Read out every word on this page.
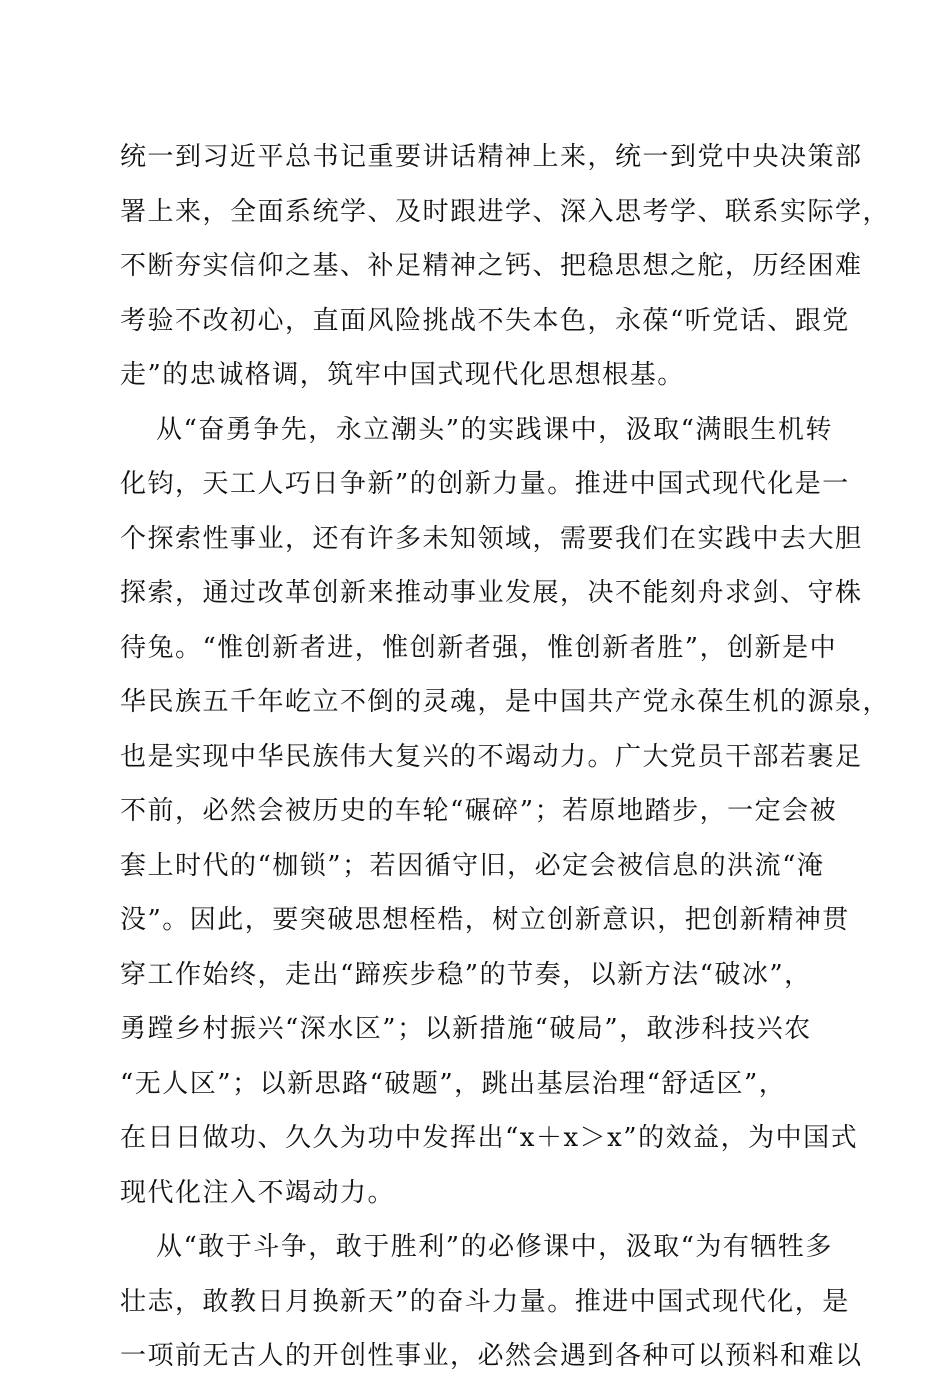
统一到习近平总书记重要讲话精神上来，统一到党中央决策部
署上来，全面系统学、及时跟进学、深入思考学、联系实际学，
不断夯实信仰之基、补足精神之钙、把稳思想之舵，历经困难
考验不改初心，直面风险挑战不失本色，永葆“听党话、跟党
走”的忠诚格调，筑牢中国式现代化思想根基。
从“奋勇争先，永立潮头”的实践课中，汲取“满眼生机转
化钧，天工人巧日争新”的创新力量。推进中国式现代化是一
个探索性事业，还有许多未知领域，需要我们在实践中去大胆
探索，通过改革创新来推动事业发展，决不能刻舟求剑、守株
待兔。“惟创新者进，惟创新者强，惟创新者胜”，创新是中
华民族五千年屹立不倒的灵魂，是中国共产党永葆生机的源泉，
也是实现中华民族伟大复兴的不竭动力。广大党员干部若裹足
不前，必然会被历史的车轮“碾碎”；若原地踏步，一定会被
套上时代的“枷锁”；若因循守旧，必定会被信息的洪流“淹
没”。因此，要突破思想桎梏，树立创新意识，把创新精神贯
穿工作始终，走出“蹄疾步稳”的节奏，以新方法“破冰”，
勇蹚乡村振兴“深水区”；以新措施“破局”，敢涉科技兴农
“无人区”；以新思路“破题”，跳出基层治理“舒适区”，
在日日做功、久久为功中发挥出“x＋x＞x”的效益，为中国式
现代化注入不竭动力。
从“敢于斗争，敢于胜利”的必修课中，汲取“为有牺牲多
壮志，敢教日月换新天”的奋斗力量。推进中国式现代化，是
一项前无古人的开创性事业，必然会遇到各种可以预料和难以
